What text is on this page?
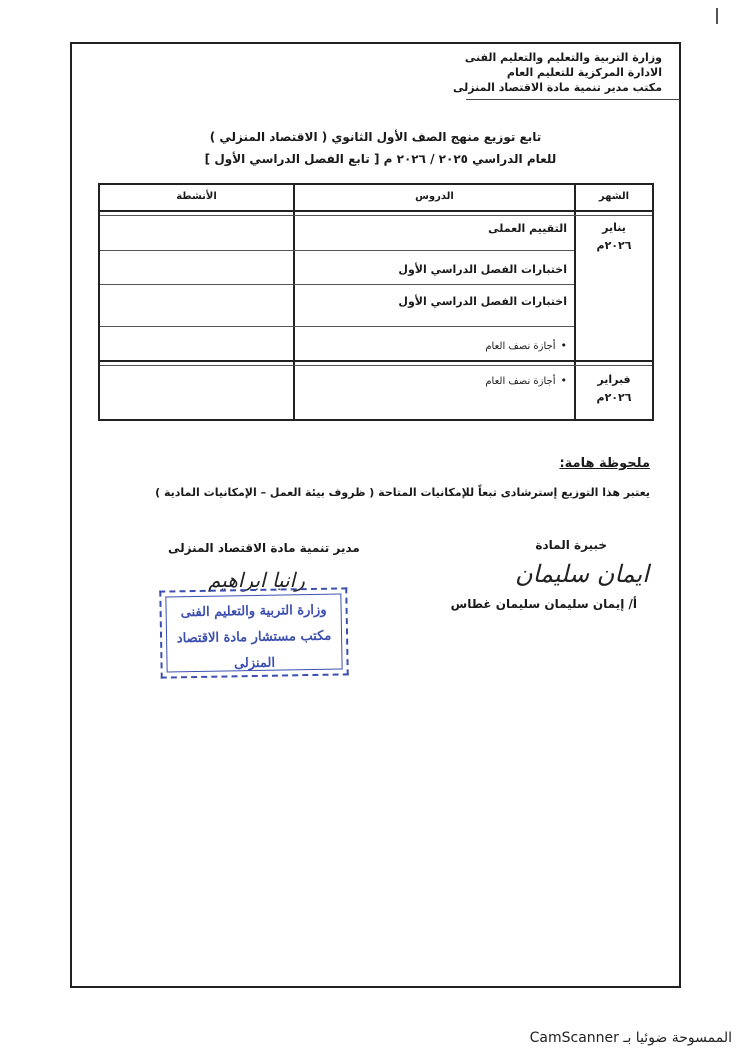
وزارة التربية والتعليم والتعليم الفنى
الادارة المركزية للتعليم العام
مكتب مدير تنمية مادة الاقتصاد المنزلى
تابع توزيع منهج الصف الأول الثانوي ( الاقتصاد المنزلي )
للعام الدراسي ٢٠٢٥ / ٢٠٢٦ م [ تابع الفصل الدراسي الأول ]
الشهر
الدروس
الأنشطة
يناير
٢٠٢٦م
التقييم العملى
اختبارات الفصل الدراسي الأول
اختبارات الفصل الدراسي الأول
• أجازة نصف العام
فبراير
٢٠٢٦م
• أجازة نصف العام
ملحوظة هامة:
يعتبر هذا التوزيع إسترشادى تبعاً للإمكانيات المتاحة ( ظروف بيئة العمل – الإمكانيات المادية )
مدير تنمية مادة الاقتصاد المنزلى	خبيرة المادة
ايمان سليمان
أ/ إيمان سليمان سليمان غطاس
رانيا ابراهيم
وزارة التربية والتعليم الفنى
مكتب مستشار مادة الاقتصاد المنزلى
الممسوحة ضوئيا بـ CamScanner
